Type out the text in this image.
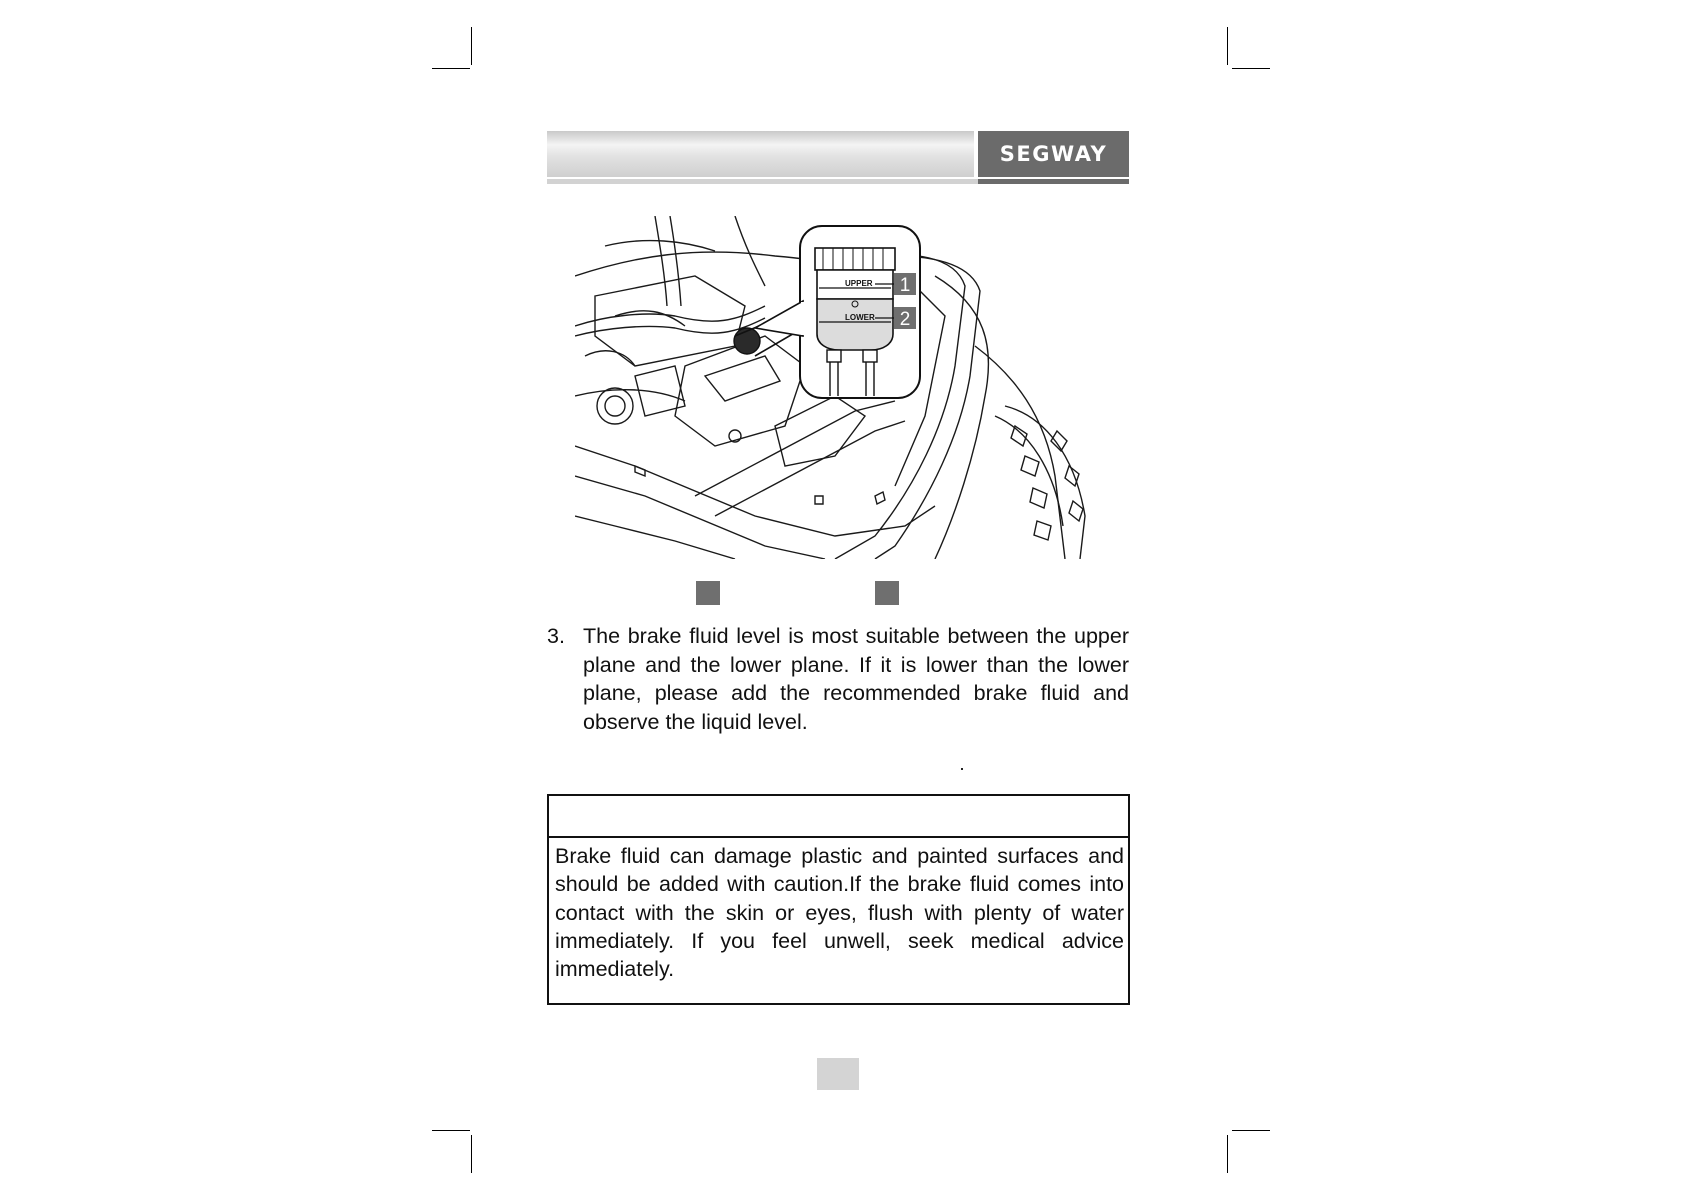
SEGWAY
1
2
UPPER
LOWER
3. The brake fluid level is most suitable between the upper plane and the lower plane. If it is lower than the lower plane, please add the recommended brake fluid and observe the liquid level.
Brake fluid can damage plastic and painted surfaces and should be added with caution.If the brake fluid comes into contact with the skin or eyes, flush with plenty of water immediately. If you feel unwell, seek medical advice immediately.
